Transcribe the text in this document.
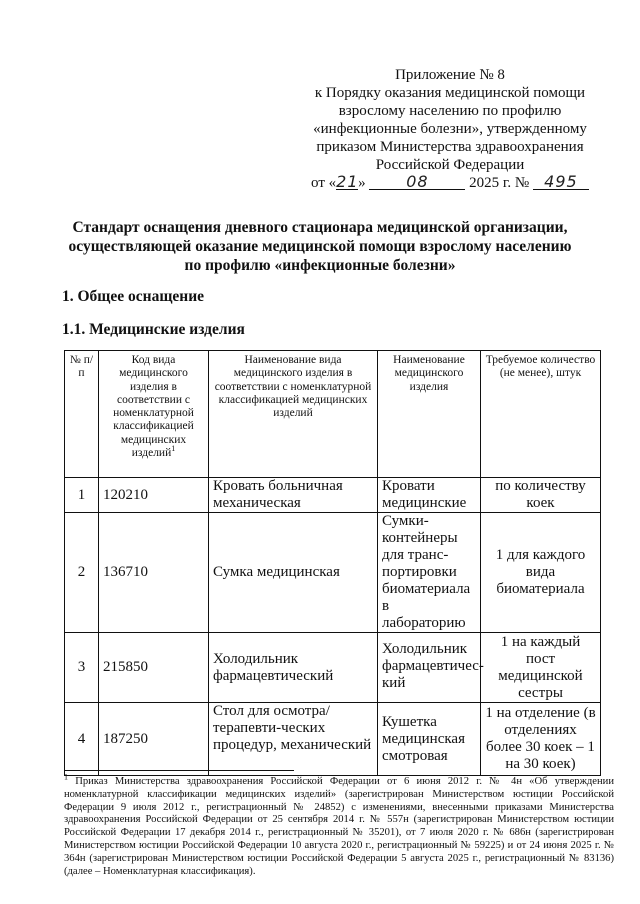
Приложение № 8
к Порядку оказания медицинской помощи
взрослому населению по профилю
«инфекционные болезни», утвержденному
приказом Министерства здравоохранения
Российской Федерации
от «21»	08	2025 г. № 495
Стандарт оснащения дневного стационара медицинской организации,
осуществляющей оказание медицинской помощи взрослому населению
по профилю «инфекционные болезни»
1. Общее оснащение
1.1. Медицинские изделия
№ п/п	Код вида медицинского изделия в соответствии с номенклатурной классификацией медицинских изделий$^1$	Наименование вида медицинского изделия в соответствии с номенклатурной классификацией медицинских изделий	Наименование медицинского изделия	Требуемое количество (не менее), штук
1	120210	Кровать больничная механическая	Кровати медицинские	по количеству коек
2	136710	Сумка медицинская	Сумки-контейнеры для транс-портировки биоматериала в лабораторию	1 для каждого вида биоматериала
3	215850	Холодильник фармацевтический	Холодильник фармацевтичес-кий	1 на каждый пост медицинской сестры
4	187250	Стол для осмотра/терапевти-ческих процедур, механический	Кушетка медицинская смотровая	1 на отделение (в отделениях более 30 коек – 1 на 30 коек)
$^1$ Приказ Министерства здравоохранения Российской Федерации от 6 июня 2012 г. № 4н «Об утверждении номенклатурной классификации медицинских изделий» (зарегистрирован Министерством юстиции Российской Федерации 9 июля 2012 г., регистрационный № 24852) с изменениями, внесенными приказами Министерства здравоохранения Российской Федерации от 25 сентября 2014 г. № 557н (зарегистрирован Министерством юстиции Российской Федерации 17 декабря 2014 г., регистрационный № 35201), от 7 июля 2020 г. № 686н (зарегистрирован Министерством юстиции Российской Федерации 10 августа 2020 г., регистрационный № 59225) и от 24 июня 2025 г. № 364н (зарегистрирован Министерством юстиции Российской Федерации 5 августа 2025 г., регистрационный № 83136) (далее – Номенклатурная классификация).
